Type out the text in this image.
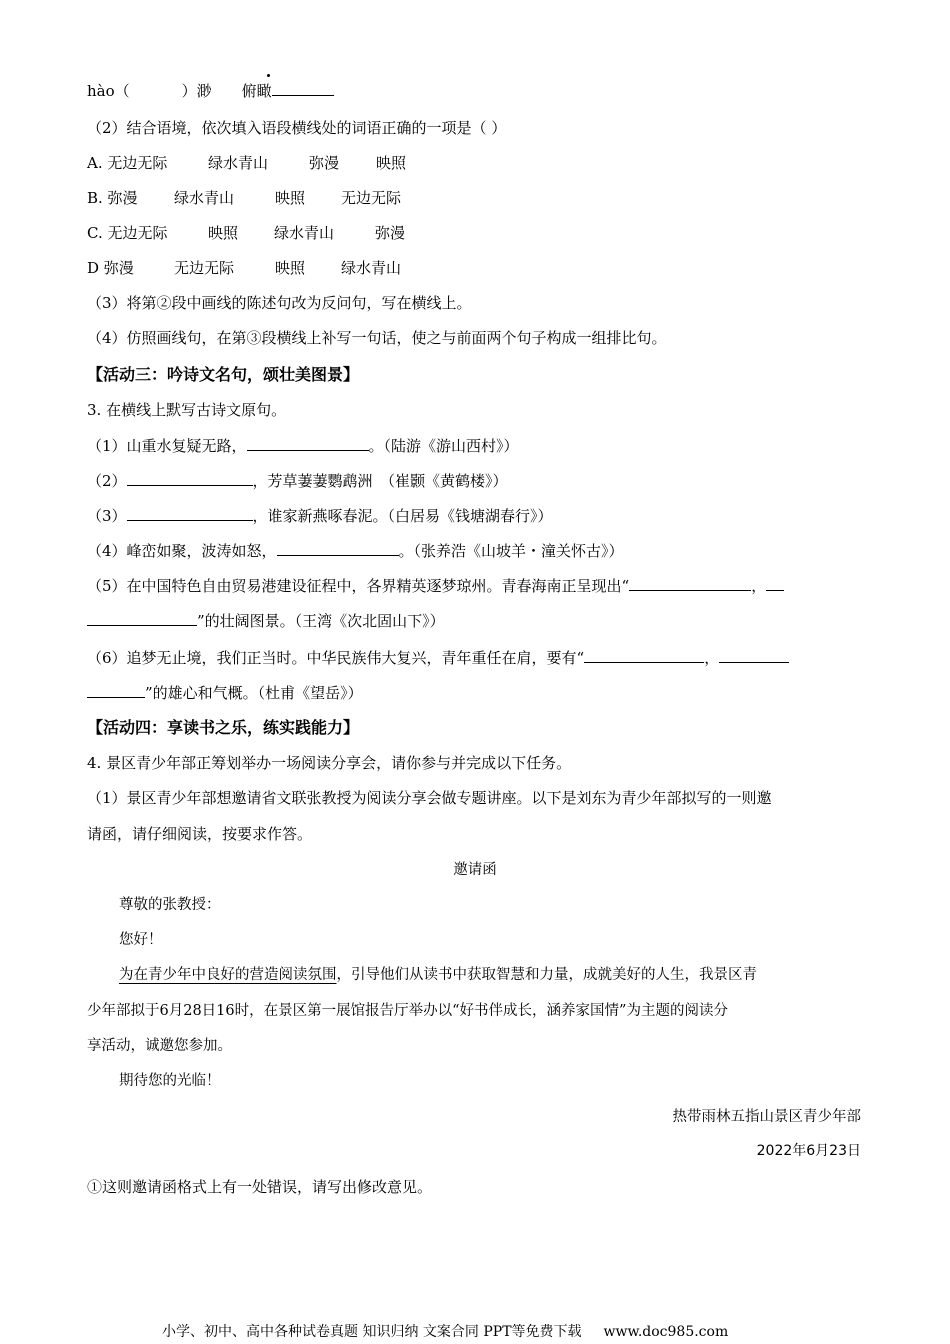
hào（	）渺 俯瞰
（2）结合语境，依次填入语段横线处的词语正确的一项是（ ）
A. 无边无际	绿水青山	弥漫 映照
B. 弥漫 绿水青山	映照 无边无际
C. 无边无际	映照 绿水青山	弥漫
D 弥漫	无边无际	映照 绿水青山
（3）将第②段中画线的陈述句改为反问句，写在横线上。
（4）仿照画线句，在第③段横线上补写一句话，使之与前面两个句子构成一组排比句。
【活动三：吟诗文名句，颂壮美图景】
3. 在横线上默写古诗文原句。
（1）山重水复疑无路，	。（陆游《游山西村》）
（2）	，芳草萋萋鹦鹉洲　（崔颢《黄鹤楼》）
（3）	，谁家新燕啄春泥。（白居易《钱塘湖春行》）
（4）峰峦如聚，波涛如怒，	。（张养浩《山坡羊・潼关怀古》）
（5）在中国特色自由贸易港建设征程中，各界精英逐梦琼州。青春海南正呈现出“	，
”的壮阔图景。（王湾《次北固山下》）
（6）追梦无止境，我们正当时。中华民族伟大复兴，青年重任在肩，要有“	，
”的雄心和气概。（杜甫《望岳》）
【活动四：享读书之乐，练实践能力】
4. 景区青少年部正筹划举办一场阅读分享会，请你参与并完成以下任务。
（1）景区青少年部想邀请省文联张教授为阅读分享会做专题讲座。以下是刘东为青少年部拟写的一则邀
请函，请仔细阅读，按要求作答。
邀请函
尊敬的张教授：
您好！
为在青少年中良好的营造阅读氛围，引导他们从读书中获取智慧和力量，成就美好的人生，我景区青
少年部拟于6月28日16时，在景区第一展馆报告厅举办以“好书伴成长，涵养家国情”为主题的阅读分
享活动，诚邀您参加。
期待您的光临！
热带雨林五指山景区青少年部
2022年6月23日
①这则邀请函格式上有一处错误，请写出修改意见。
小学、初中、高中各种试卷真题 知识归纳 文案合同 PPT等免费下载 www.doc985.com
